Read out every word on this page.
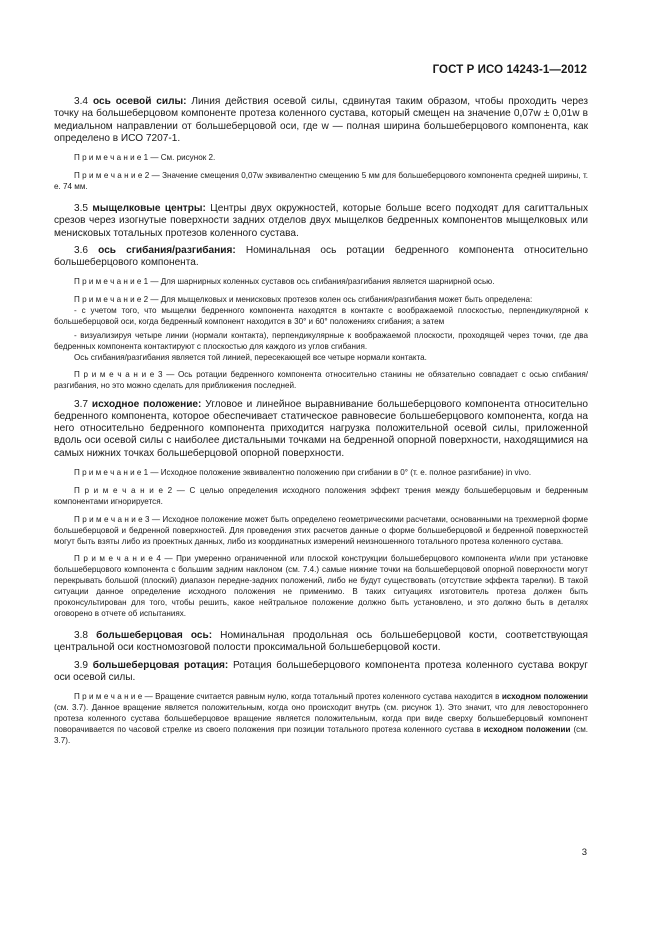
ГОСТ Р ИСО 14243-1—2012

3.4 ось осевой силы: Линия действия осевой силы, сдвинутая таким образом, чтобы проходить через точку на большеберцовом компоненте протеза коленного сустава, который смещен на значение 0,07w ± 0,01w в медиальном направлении от большеберцовой оси, где w — полная ширина большеберцового компонента, как определено в ИСО 7207-1.

П р и м е ч а н и е 1 — См. рисунок 2.

П р и м е ч а н и е 2 — Значение смещения 0,07w эквивалентно смещению 5 мм для большеберцового компонента средней ширины, т. е. 74 мм.

3.5 мыщелковые центры: Центры двух окружностей, которые больше всего подходят для сагиттальных срезов через изогнутые поверхности задних отделов двух мыщелков бедренных компонентов мыщелковых или менисковых тотальных протезов коленного сустава.

3.6 ось сгибания/разгибания: Номинальная ось ротации бедренного компонента относительно большеберцового компонента.

П р и м е ч а н и е 1 — Для шарнирных коленных суставов ось сгибания/разгибания является шарнирной осью.

П р и м е ч а н и е 2 — Для мыщелковых и менисковых протезов колен ось сгибания/разгибания может быть определена:

- с учетом того, что мыщелки бедренного компонента находятся в контакте с воображаемой плоскостью, перпендикулярной к большеберцовой оси, когда бедренный компонент находится в 30° и 60° положениях сгибания; а затем

- визуализируя четыре линии (нормали контакта), перпендикулярные к воображаемой плоскости, проходящей через точки, где два бедренных компонента контактируют с плоскостью для каждого из углов сгибания.

Ось сгибания/разгибания является той линией, пересекающей все четыре нормали контакта.

П р и м е ч а н и е 3 — Ось ротации бедренного компонента относительно станины не обязательно совпадает с осью сгибания/разгибания, но это можно сделать для приближения последней.

3.7 исходное положение: Угловое и линейное выравнивание большеберцового компонента относительно бедренного компонента, которое обеспечивает статическое равновесие большеберцового компонента, когда на него относительно бедренного компонента приходится нагрузка положительной осевой силы, приложенной вдоль оси осевой силы с наиболее дистальными точками на бедренной опорной поверхности, находящимися на самых нижних точках большеберцовой опорной поверхности.

П р и м е ч а н и е 1 — Исходное положение эквивалентно положению при сгибании в 0° (т. е. полное разгибание) in vivo.

П р и м е ч а н и е 2 — С целью определения исходного положения эффект трения между большеберцовым и бедренным компонентами игнорируется.

П р и м е ч а н и е 3 — Исходное положение может быть определено геометрическими расчетами, основанными на трехмерной форме большеберцовой и бедренной поверхностей. Для проведения этих расчетов данные о форме большеберцовой и бедренной поверхностей могут быть взяты либо из проектных данных, либо из координатных измерений неизношенного тотального протеза коленного сустава.

П р и м е ч а н и е 4 — При умеренно ограниченной или плоской конструкции большеберцового компонента и/или при установке большеберцового компонента с большим задним наклоном (см. 7.4.) самые нижние точки на большеберцовой опорной поверхности могут перекрывать большой (плоский) диапазон передне-задних положений, либо не будут существовать (отсутствие эффекта тарелки). В такой ситуации данное определение исходного положения не применимо. В таких ситуациях изготовитель протеза должен быть проконсультирован для того, чтобы решить, какое нейтральное положение должно быть установлено, и это должно быть в деталях оговорено в отчете об испытаниях.

3.8 большеберцовая ось: Номинальная продольная ось большеберцовой кости, соответствующая центральной оси костномозговой полости проксимальной большеберцовой кости.

3.9 большеберцовая ротация: Ротация большеберцового компонента протеза коленного сустава вокруг оси осевой силы.

П р и м е ч а н и е — Вращение считается равным нулю, когда тотальный протез коленного сустава находится в исходном положении (см. 3.7). Данное вращение является положительным, когда оно происходит внутрь (см. рисунок 1). Это значит, что для левостороннего протеза коленного сустава большеберцовое вращение является положительным, когда при виде сверху большеберцовый компонент поворачивается по часовой стрелке из своего положения при позиции тотального протеза коленного сустава в исходном положении (см. 3.7).

3
